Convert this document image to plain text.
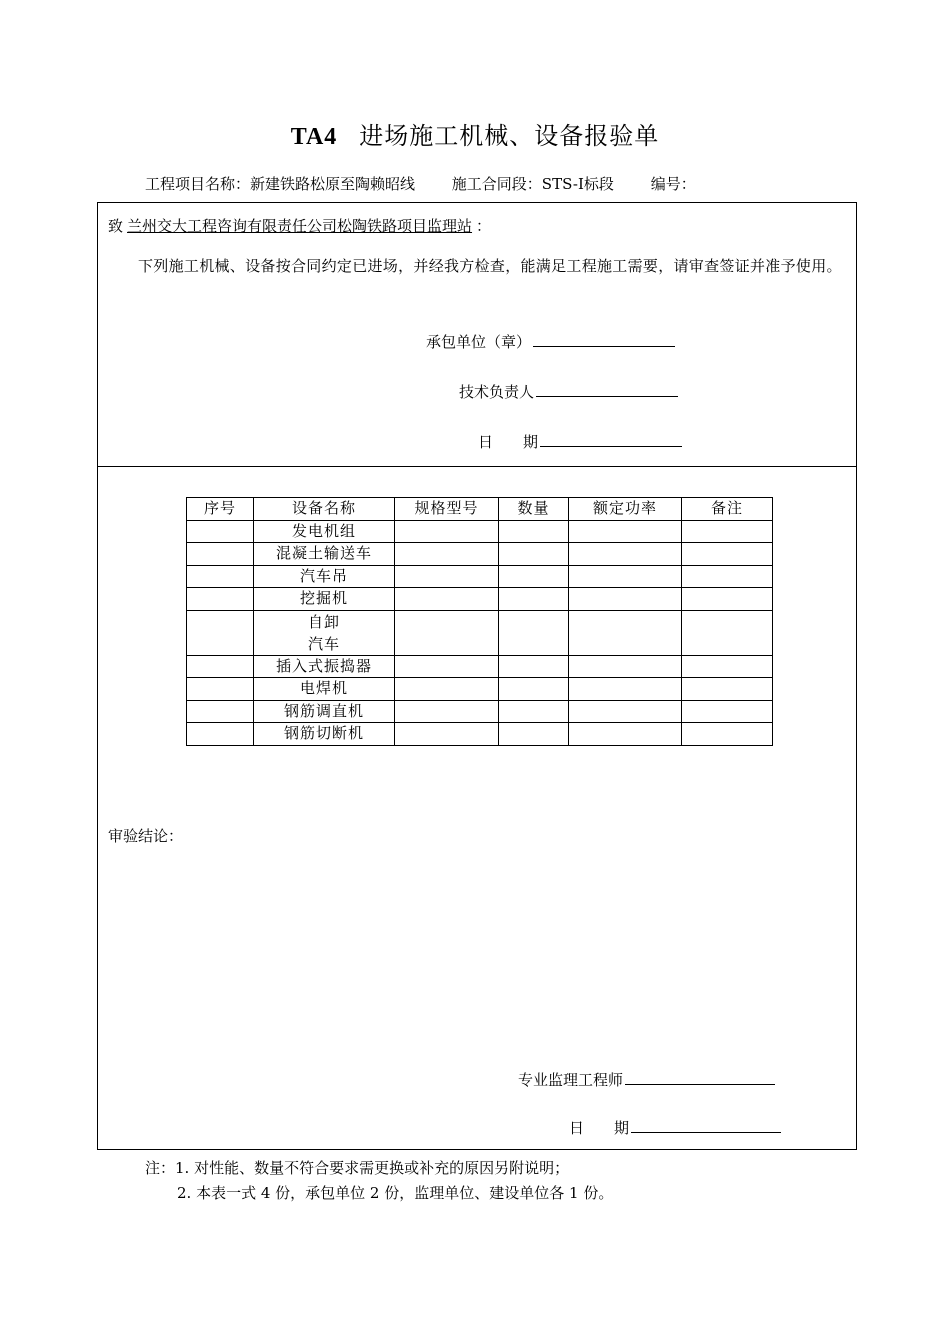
TA4 进场施工机械、设备报验单
工程项目名称：新建铁路松原至陶赖昭线 施工合同段：STS-Ⅰ标段 编号：
致 兰州交大工程咨询有限责任公司松陶铁路项目监理站 ：
下列施工机械、设备按合同约定已进场，并经我方检查，能满足工程施工需要，请审查签证并准予使用。
承包单位（章）
技术负责人
日　　期
序号	设备名称	规格型号	数量	额定功率	备注
	发电机组				
	混凝土输送车				
	汽车吊				
	挖掘机				
	自卸
汽车				
	插入式振捣器				
	电焊机				
	钢筋调直机				
	钢筋切断机				
审验结论：
专业监理工程师
日　　期
注：1. 对性能、数量不符合要求需更换或补充的原因另附说明；
2. 本表一式 4 份，承包单位 2 份，监理单位、建设单位各 1 份。
